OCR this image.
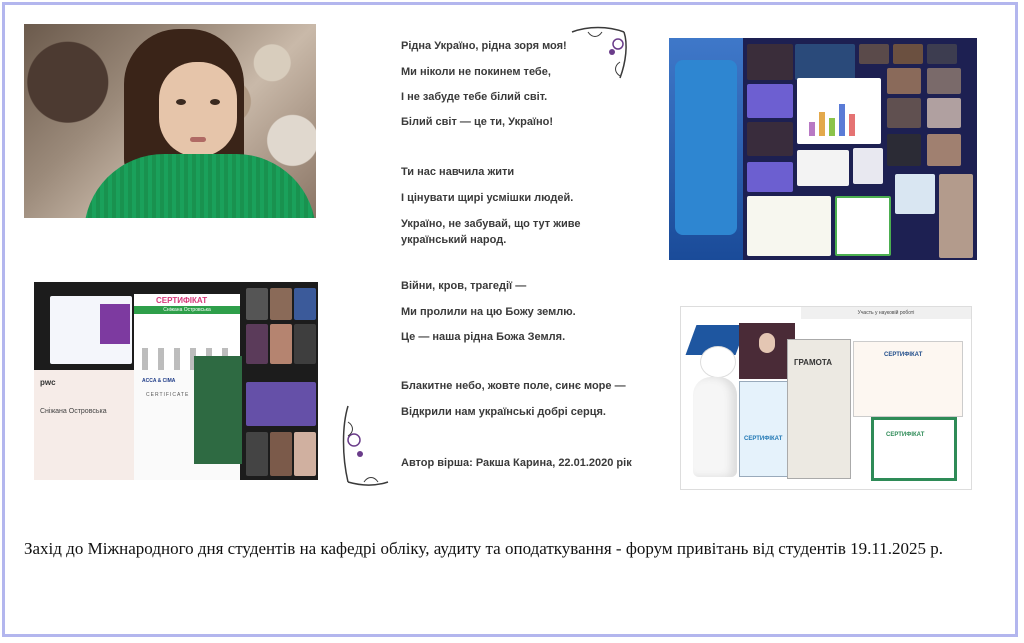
СЕРТИФІКАТ
Сніжана Островська
pwc
Сніжана Островська
ACCA & CIMA
CERTIFICATE
Участь у науковій роботі
СЕРТИФІКАТ
ГРАМОТА
СЕРТИФІКАТ
СЕРТИФІКАТ
Рідна Україно, рідна зоря моя!
Ми ніколи не покинем тебе,
І не забуде тебе білий світ.
Білий світ — це ти, Україно!
Ти нас навчила жити
І цінувати щирі усмішки людей.
Україно, не забувай, що тут живе український народ.
Війни, кров, трагедії —
Ми пролили на цю Божу землю.
Це — наша рідна Божа Земля.
Блакитне небо, жовте поле, синє море —
Відкрили нам українські добрі серця.
Автор вірша: Ракша Карина, 22.01.2020 рік
Захід до Міжнародного дня студентів на кафедрі обліку, аудиту та оподаткування - форум привітань від студентів 19.11.2025 р.
